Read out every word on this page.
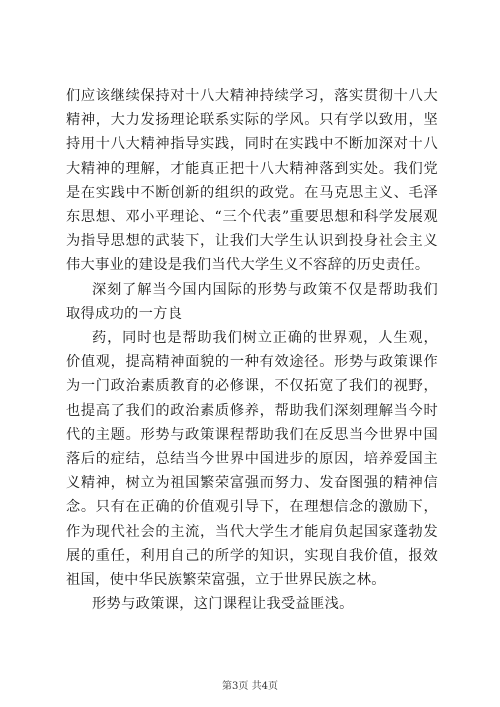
们应该继续保持对十八大精神持续学习，落实贯彻十八大精神，大力发扬理论联系实际的学风。只有学以致用，坚持用十八大精神指导实践，同时在实践中不断加深对十八大精神的理解，才能真正把十八大精神落到实处。我们党是在实践中不断创新的组织的政党。在马克思主义、毛泽东思想、邓小平理论、“三个代表”重要思想和科学发展观为指导思想的武装下，让我们大学生认识到投身社会主义伟大事业的建设是我们当代大学生义不容辞的历史责任。

深刻了解当今国内国际的形势与政策不仅是帮助我们取得成功的一方良

药，同时也是帮助我们树立正确的世界观，人生观，价值观，提高精神面貌的一种有效途径。形势与政策课作为一门政治素质教育的必修课，不仅拓宽了我们的视野，也提高了我们的政治素质修养，帮助我们深刻理解当今时代的主题。形势与政策课程帮助我们在反思当今世界中国落后的症结，总结当今世界中国进步的原因，培养爱国主义精神，树立为祖国繁荣富强而努力、发奋图强的精神信念。只有在正确的价值观引导下，在理想信念的激励下，作为现代社会的主流，当代大学生才能肩负起国家蓬勃发展的重任，利用自己的所学的知识，实现自我价值，报效祖国，使中华民族繁荣富强，立于世界民族之林。

形势与政策课，这门课程让我受益匪浅。

第3页 共4页
